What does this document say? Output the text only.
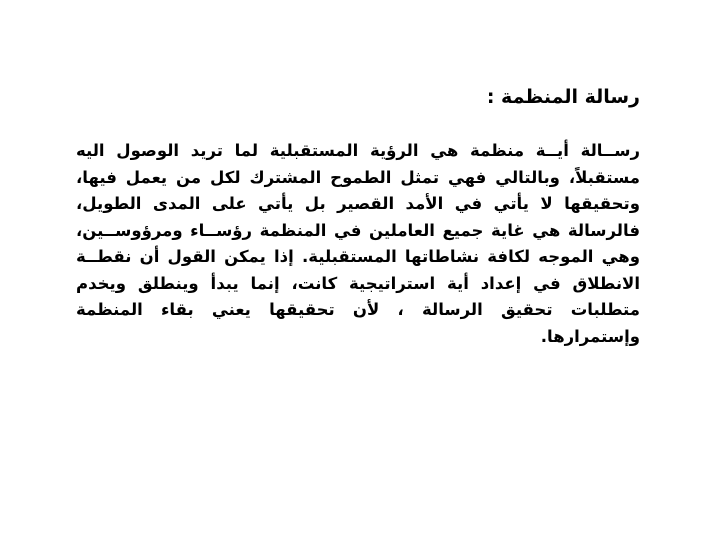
رسالة المنظمة :

رســالة أيــة منظمة هي الرؤية المستقبلية لما تريد الوصول اليه مستقبلاً، وبالتالي فهي تمثل الطموح المشترك لكل من يعمل فيها، وتحقيقها لا يأتي في الأمد القصير بل يأتي على المدى الطويل، فالرسالة هي غاية جميع العاملين في المنظمة رؤســاء ومرؤوســين، وهي الموجه لكافة نشاطاتها المستقبلية. إذا يمكن القول أن نقطــة الانطلاق في إعداد أية استراتيجية كانت، إنما يبدأ وينطلق ويخدم متطلبات تحقيق الرسالة ، لأن تحقيقها يعني بقاء المنظمة وإستمرارها.
